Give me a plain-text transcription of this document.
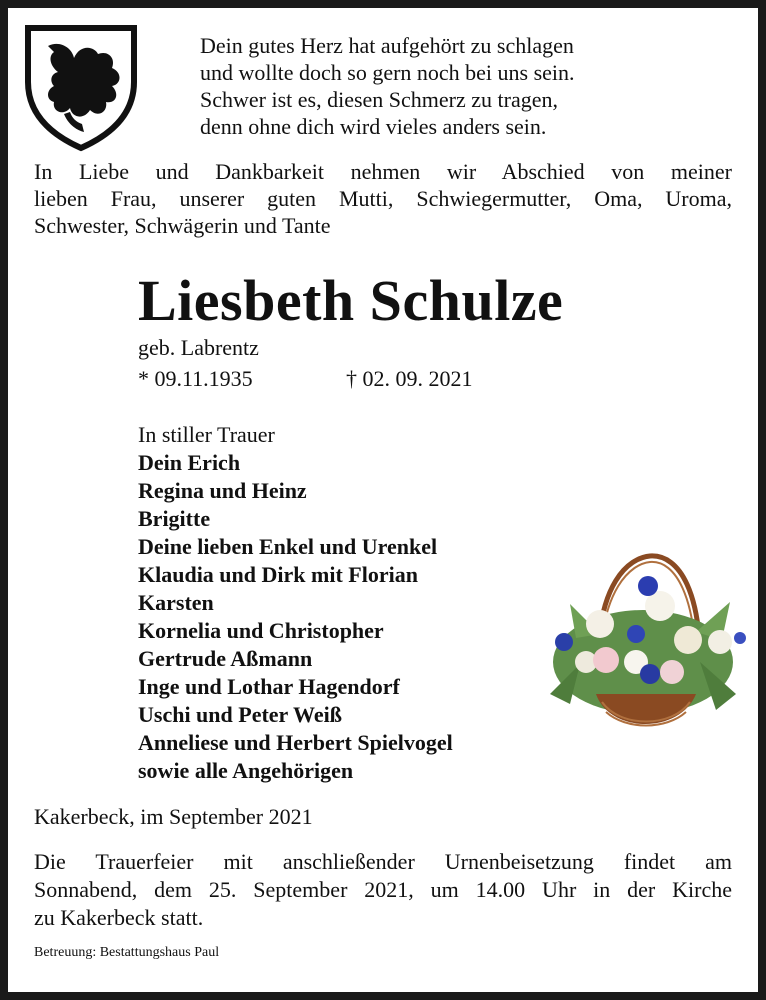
Dein gutes Herz hat aufgehört zu schlagen
und wollte doch so gern noch bei uns sein.
Schwer ist es, diesen Schmerz zu tragen,
denn ohne dich wird vieles anders sein.
In Liebe und Dankbarkeit nehmen wir Abschied von meiner
lieben Frau, unserer guten Mutti, Schwiegermutter, Oma, Uroma,
Schwester, Schwägerin und Tante
Liesbeth Schulze
geb. Labrentz
* 09.11.1935	† 02. 09. 2021
In stiller Trauer
Dein Erich
Regina und Heinz
Brigitte
Deine lieben Enkel und Urenkel
Klaudia und Dirk mit Florian
Karsten
Kornelia und Christopher
Gertrude Aßmann
Inge und Lothar Hagendorf
Uschi und Peter Weiß
Anneliese und Herbert Spielvogel
sowie alle Angehörigen
Kakerbeck, im September 2021
Die Trauerfeier mit anschließender Urnenbeisetzung findet am
Sonnabend, dem 25. September 2021, um 14.00 Uhr in der Kirche
zu Kakerbeck statt.
Betreuung: Bestattungshaus Paul
